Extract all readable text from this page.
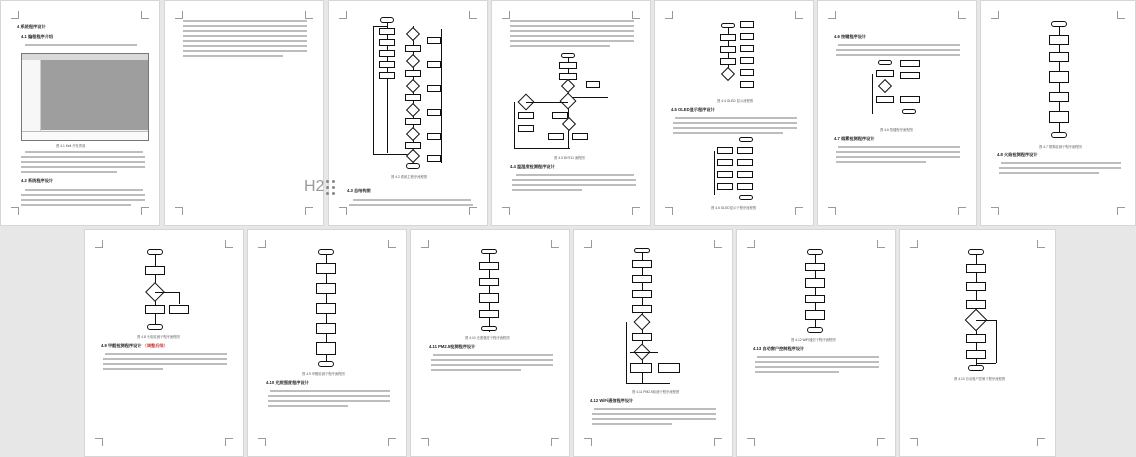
4 系统程序设计
4.1 编程程序介绍
图 4.1 Keil 开发界面
4.2 系统程序设计
图 4.2 系统主程序流程图
4.3 总结构图
H2
图 4.3 DHT11 流程图
4.4 温湿度检测程序设计
图 4.4 OLED 显示流程图
4.5 OLED显示程序设计
图 4.5 OLED显示子程序流程图
4.6 按键程序设计
图 4.6 按键程序流程图
4.7 烟雾检测程序设计
图 4.7 烟雾检测子程序流程图
4.8 火焰检测程序设计
图 4.8 火焰检测子程序流程图
4.9 甲醛检测程序设计 （调整后续）
图 4.9 甲醛检测子程序流程图
4.10 光照强度程序设计
图 4.10 光照强度子程序流程图
4.11 PM2.5检测程序设计
图 4.11 PM2.5检测子程序流程图
4.12 WiFi通信程序设计
图 4.12 WiFi通信子程序流程图
4.13 自动窗户控制程序设计
图 4.13 自动窗户控制子程序流程图
